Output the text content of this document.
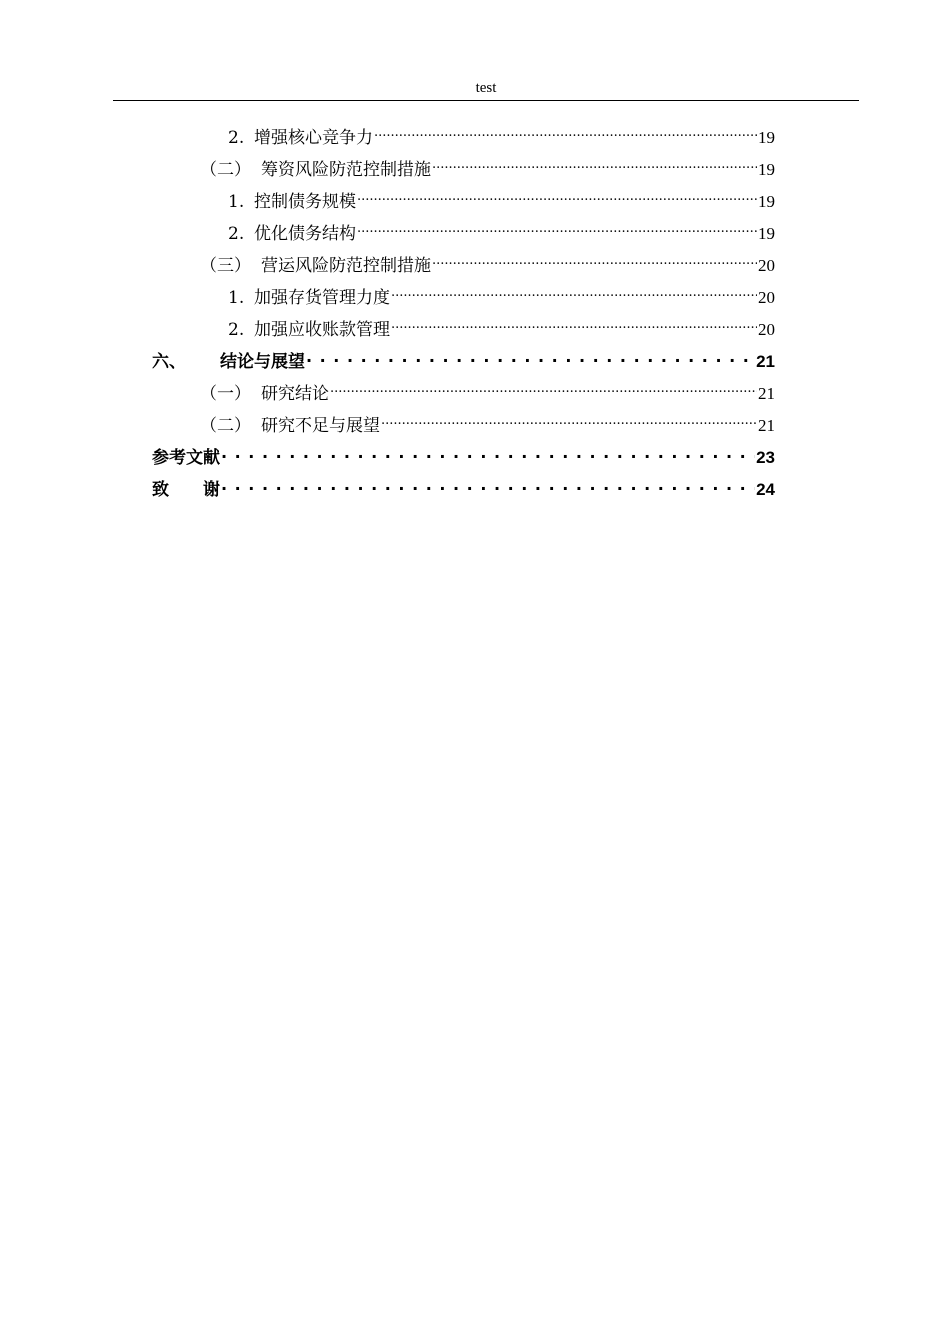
test
2. 增强核心竞争力 .....	19
（二） 筹资风险防范控制措施 .....	19
1. 控制债务规模 .....	19
2. 优化债务结构 .....	19
（三） 营运风险防范控制措施 .....	20
1. 加强存货管理力度 .....	20
2. 加强应收账款管理 .....	20
六、	结论与展望 . . .	21
（一） 研究结论 .....	21
（二） 研究不足与展望 .....	21
参考文献 . . .	23
致　　谢 . . .	24
